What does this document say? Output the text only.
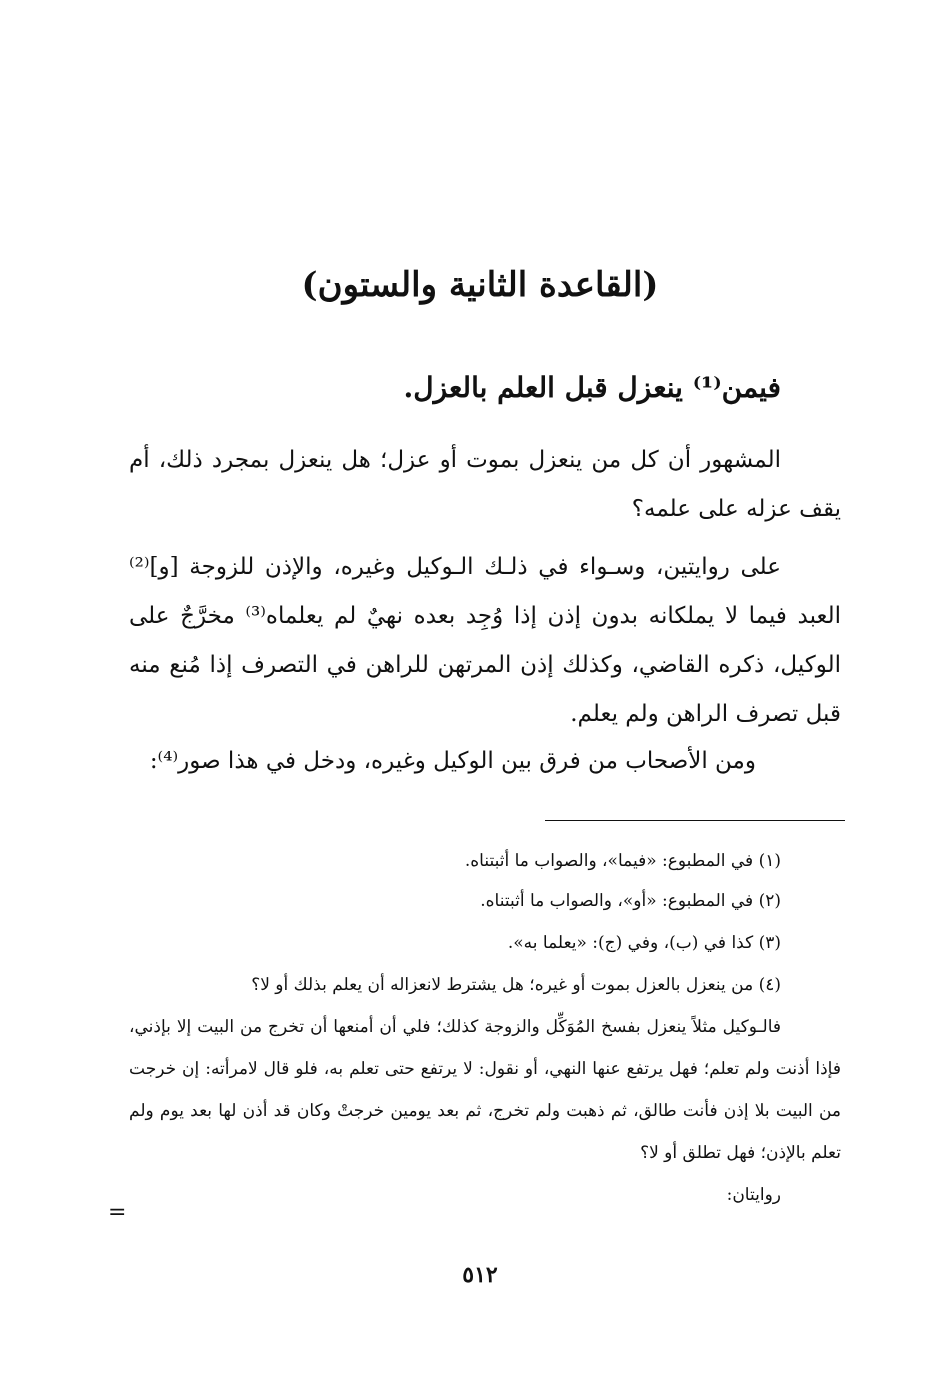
(القاعدة الثانية والستون)
فيمن⁽¹⁾ ينعزل قبل العلم بالعزل.
المشهور أن كل من ينعزل بموت أو عزل؛ هل ينعزل بمجرد ذلك، أم يقف عزله على علمه؟
على روايتين، وسـواء في ذلـك الـوكيل وغيره، والإذن للزوجة [و]⁽²⁾العبد فيما لا يملكانه بدون إذن إذا وُجِد بعده نهيٌ لم يعلماه⁽³⁾ مخرَّجٌ على الوكيل، ذكره القاضي، وكذلك إذن المرتهن للراهن في التصرف إذا مُنع منه قبل تصرف الراهن ولم يعلم.
ومن الأصحاب من فرق بين الوكيل وغيره، ودخل في هذا صور⁽⁴⁾:
(١) في المطبوع: «فيما»، والصواب ما أثبتناه.
(٢) في المطبوع: «أو»، والصواب ما أثبتناه.
(٣) كذا في (ب)، وفي (ج): «يعلما به».

(٤) من ينعزل بالعزل بموت أو غيره؛ هل يشترط لانعزاله أن يعلم بذلك أو لا؟

فالـوكيل مثلاً ينعزل بفسخ المُوَكِّل والزوجة كذلك؛ فلي أن أمنعها أن تخرج من البيت إلا بإذني، فإذا أذنت ولم تعلم؛ فهل يرتفع عنها النهي، أو نقول: لا يرتفع حتى تعلم به، فلو قال لامرأته: إن خرجت من البيت بلا إذن فأنت طالق، ثم ذهبت ولم تخرج، ثم بعد يومين خرجتْ وكان قد أذن لها بعد يوم ولم تعلم بالإذن؛ فهل تطلق أو لا؟

روايتان:

=
٥١٢
